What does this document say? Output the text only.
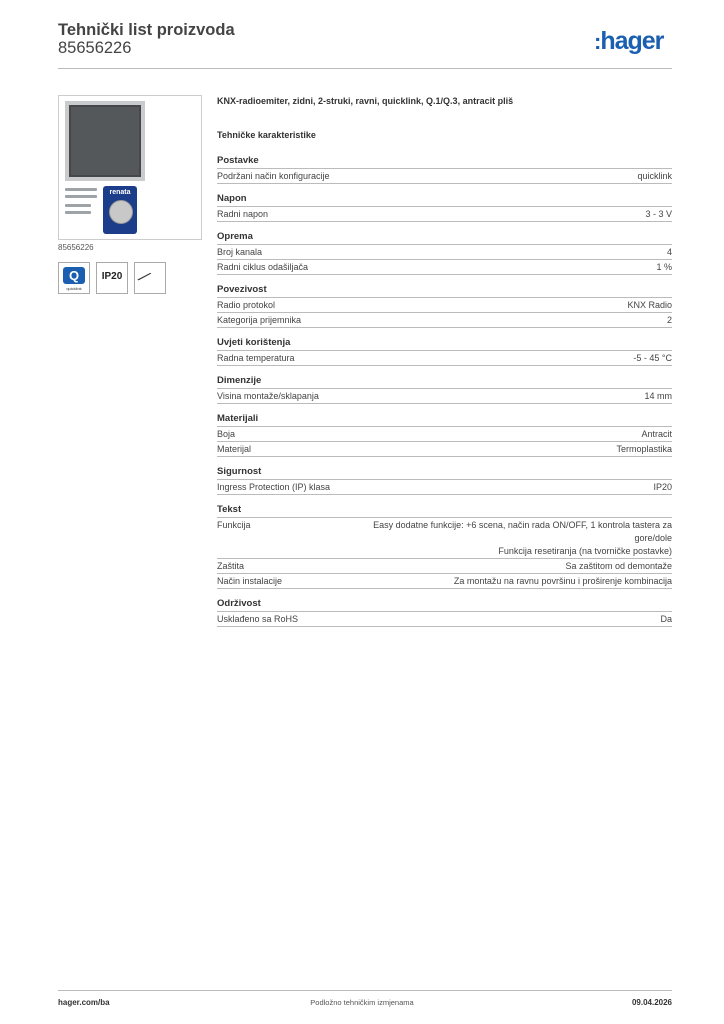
Tehnički list proizvoda
85656226	:hager
renata
85656226
Q
quicklink
IP20 ∕
KNX-radioemiter, zidni, 2-struki, ravni, quicklink, Q.1/Q.3, antracit pliš
Tehničke karakteristike
Postavke
Podržani način konfiguracije	quicklink
Napon
Radni napon	3 - 3 V
Oprema
Broj kanala	4
Radni ciklus odašiljača	1 %
Povezivost
Radio protokol	KNX Radio
Kategorija prijemnika	2
Uvjeti korištenja
Radna temperatura	-5 - 45 °C
Dimenzije
Visina montaže/sklapanja	14 mm
Materijali
Boja	Antracit
Materijal	Termoplastika
Sigurnost
Ingress Protection (IP) klasa	IP20
Tekst
Funkcija	Easy dodatne funkcije: +6 scena, način rada ON/OFF, 1 kontrola tastera za gore/dole
Funkcija resetiranja (na tvorničke postavke)
Zaštita	Sa zaštitom od demontaže
Način instalacije	Za montažu na ravnu površinu i proširenje kombinacija
Održivost
Usklađeno sa RoHS	Da
hager.com/ba	Podložno tehničkim izmjenama	09.04.2026
